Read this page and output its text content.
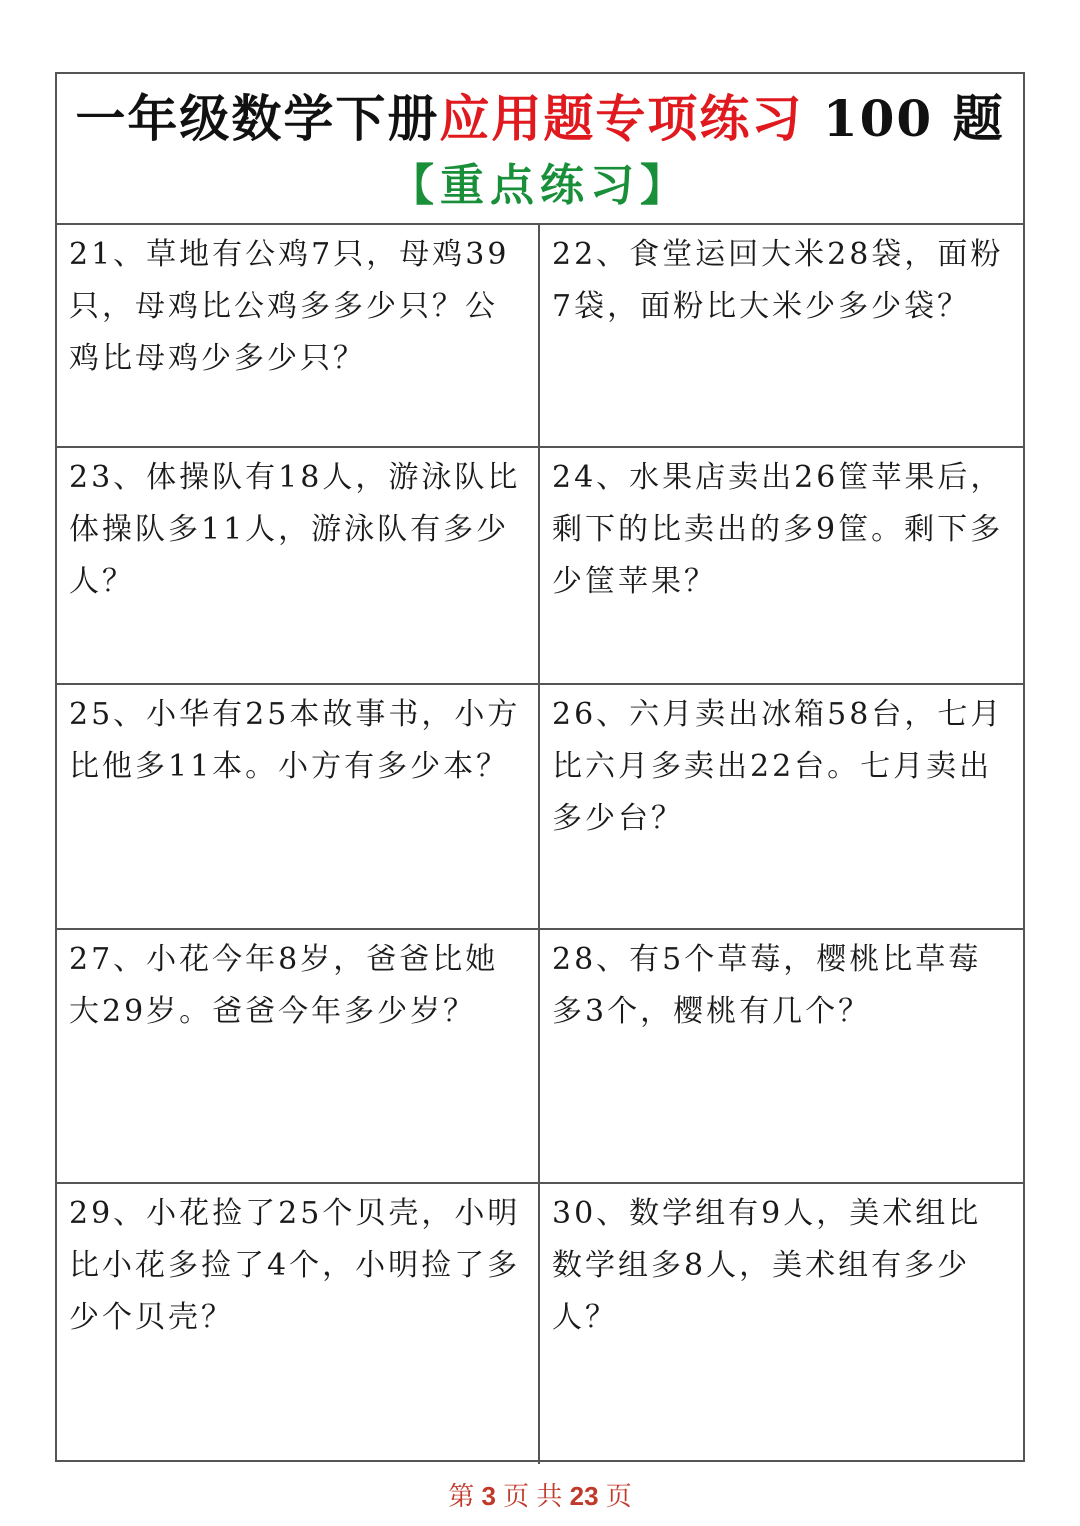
一年级数学下册应用题专项练习 100 题
【重点练习】
21、草地有公鸡7只，母鸡39只，母鸡比公鸡多多少只？公鸡比母鸡少多少只？
22、食堂运回大米28袋，面粉7袋，面粉比大米少多少袋？
23、体操队有18人，游泳队比体操队多11人，游泳队有多少人？
24、水果店卖出26筐苹果后，剩下的比卖出的多9筐。剩下多少筐苹果？
25、小华有25本故事书，小方比他多11本。小方有多少本？
26、六月卖出冰箱58台，七月比六月多卖出22台。七月卖出多少台？
27、小花今年8岁，爸爸比她大29岁。爸爸今年多少岁？
28、有5个草莓，樱桃比草莓多3个，樱桃有几个？
29、小花捡了25个贝壳，小明比小花多捡了4个，小明捡了多少个贝壳？
30、数学组有9人，美术组比数学组多8人，美术组有多少人？
第 3 页 共 23 页
